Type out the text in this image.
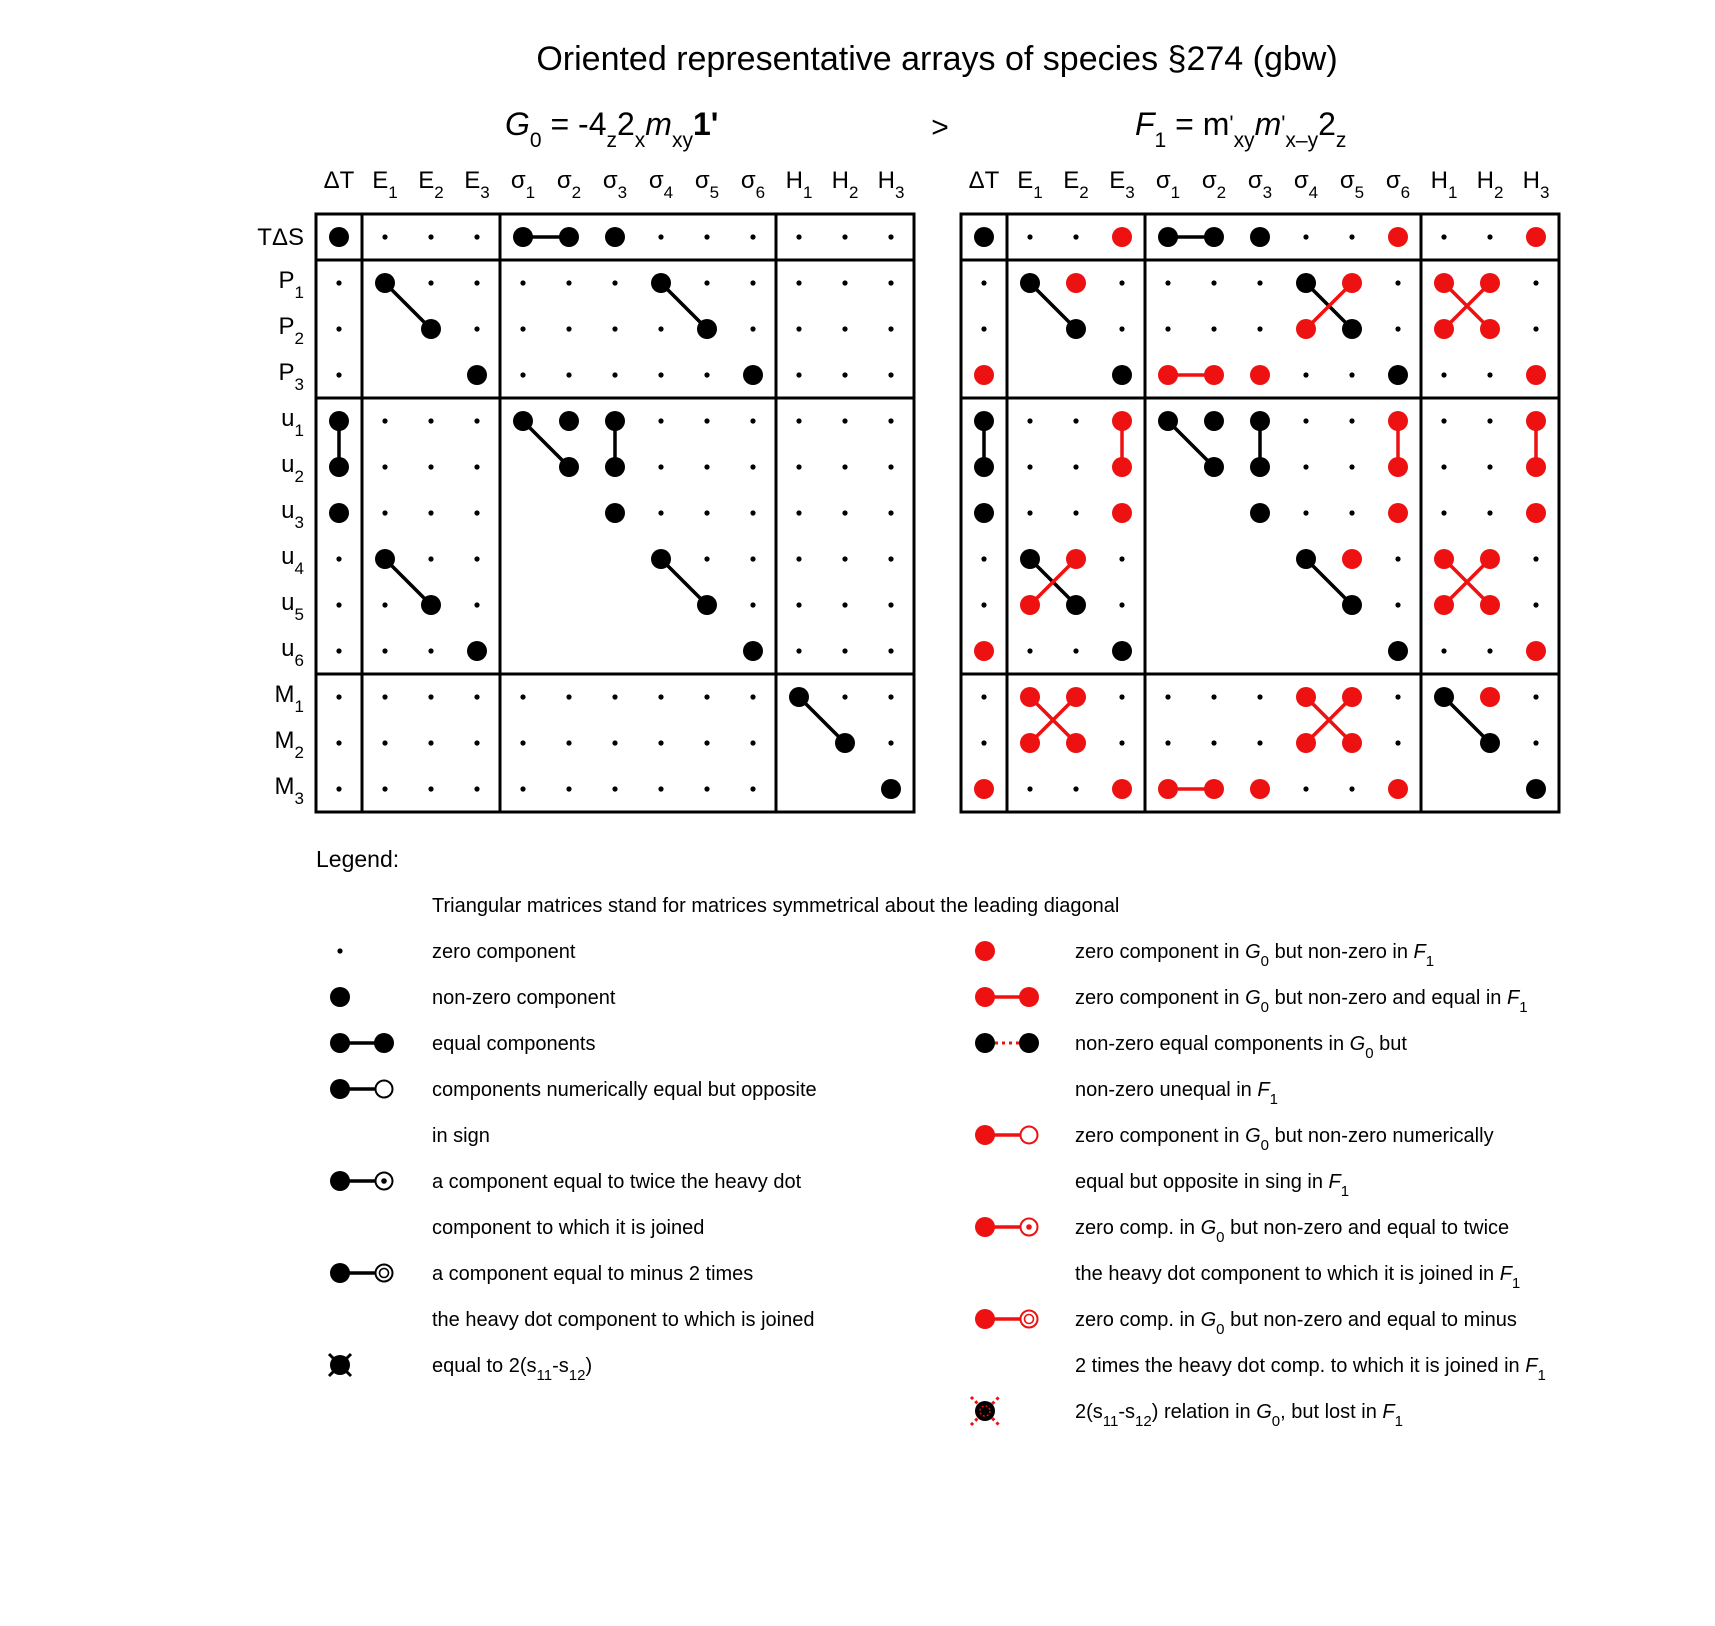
Oriented representative arrays of species §274 (gbw)
$G_0 = -4_z2_xm_{xy}1'$	>	$F_1 = m'_{xy}m'_{x-y}2_z$
ΔT $E_1$ $E_2$ $E_3$ $\sigma_1$ $\sigma_2$ $\sigma_3$ $\sigma_4$ $\sigma_5$ $\sigma_6$ $H_1$ $H_2$ $H_3$
TΔS
$P_1$
$P_2$
$P_3$
$u_1$
$u_2$
$u_3$
$u_4$
$u_5$
$u_6$
$M_1$
$M_2$
$M_3$
ΔT $E_1$ $E_2$ $E_3$ $\sigma_1$ $\sigma_2$ $\sigma_3$ $\sigma_4$ $\sigma_5$ $\sigma_6$ $H_1$ $H_2$ $H_3$
Legend:
Triangular matrices stand for matrices symmetrical about the leading diagonal
zero component
non-zero component
equal components
components numerically equal but opposite
in sign
a component equal to twice the heavy dot
component to which it is joined
a component equal to minus 2 times
the heavy dot component to which is joined
equal to $2(s_{11}-s_{12})$
zero component in $G_0$ but non-zero in $F_1$
zero component in $G_0$ but non-zero and equal in $F_1$
non-zero equal components in $G_0$ but
non-zero unequal in $F_1$
zero component in $G_0$ but non-zero numerically
equal but opposite in sing in $F_1$
zero comp. in $G_0$ but non-zero and equal to twice
the heavy dot component to which it is joined in $F_1$
zero comp. in $G_0$ but non-zero and equal to minus
2 times the heavy dot comp. to which it is joined in $F_1$
$2(s_{11}-s_{12})$ relation in $G_0$, but lost in $F_1$
